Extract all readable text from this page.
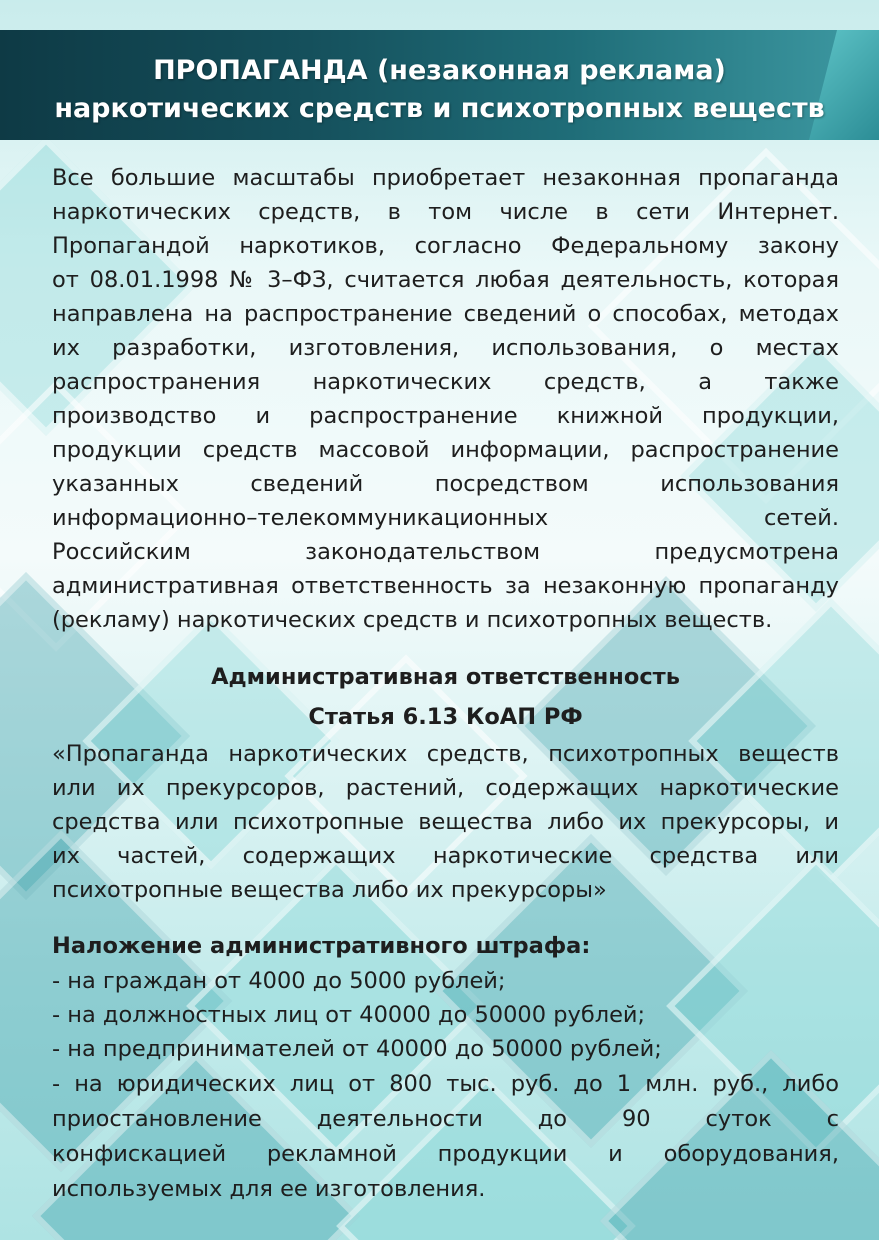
ПРОПАГАНДА (незаконная реклама)
наркотических средств и психотропных веществ
Все большие масштабы приобретает незаконная пропаганда
наркотических средств, в том числе в сети Интернет.
Пропагандой наркотиков, согласно Федеральному закону
от 08.01.1998 № 3–ФЗ, считается любая деятельность, которая
направлена на распространение сведений о способах, методах
их разработки, изготовления, использования, о местах
распространения наркотических средств, а также
производство и распространение книжной продукции,
продукции средств массовой информации, распространение
указанных сведений посредством использования
информационно–телекоммуникационных сетей.
Российским законодательством предусмотрена
административная ответственность за незаконную пропаганду
(рекламу) наркотических средств и психотропных веществ.
Административная ответственность
Статья 6.13 КоАП РФ
«Пропаганда наркотических средств, психотропных веществ
или их прекурсоров, растений, содержащих наркотические
средства или психотропные вещества либо их прекурсоры, и
их частей, содержащих наркотические средства или
психотропные вещества либо их прекурсоры»
Наложение административного штрафа:
- на граждан от 4000 до 5000 рублей;
- на должностных лиц от 40000 до 50000 рублей;
- на предпринимателей от 40000 до 50000 рублей;
- на юридических лиц от 800 тыс. руб. до 1 млн. руб., либо
приостановление деятельности до 90 суток с
конфискацией рекламной продукции и оборудования,
используемых для ее изготовления.
